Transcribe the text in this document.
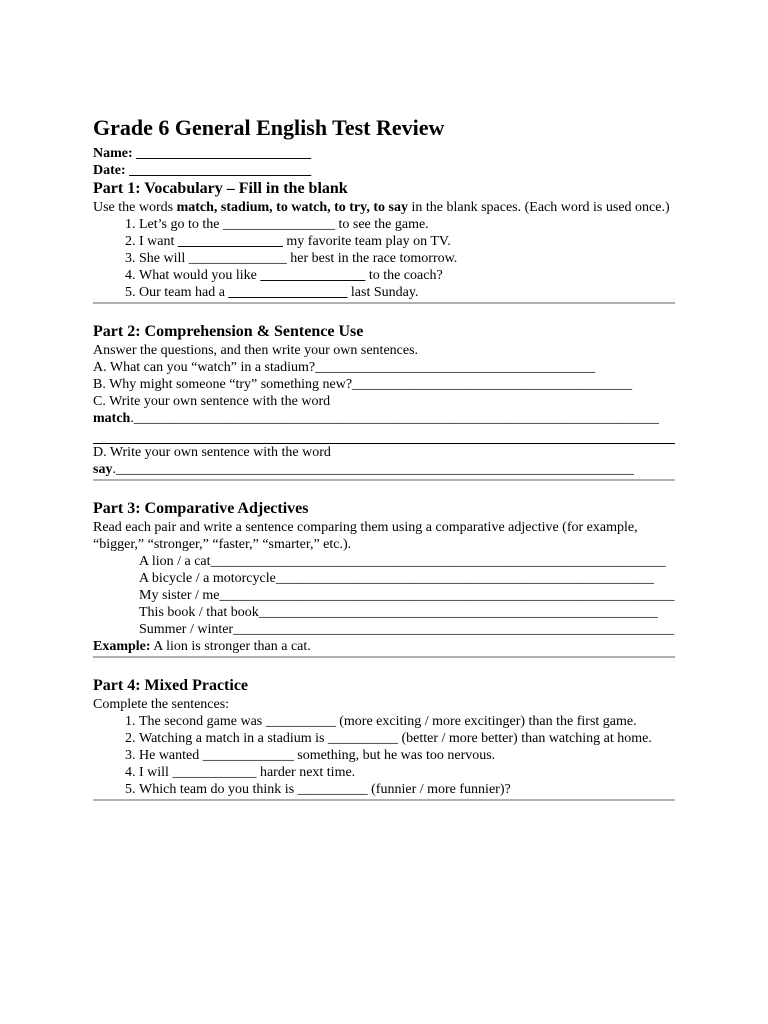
Grade 6 General English Test Review
Name: _________________________
Date: __________________________
Part 1: Vocabulary – Fill in the blank

Use the words match, stadium, to watch, to try, to say in the blank spaces. (Each word is used once.)

1. Let’s go to the ________________ to see the game.
2. I want _______________ my favorite team play on TV.
3. She will ______________ her best in the race tomorrow.
4. What would you like _______________ to the coach?
5. Our team had a _________________ last Sunday.
Part 2: Comprehension & Sentence Use

Answer the questions, and then write your own sentences.

A. What can you “watch” in a stadium?________________________________________
B. Why might someone “try” something new?________________________________________
C. Write your own sentence with the word
match.___________________________________________________________________________
D. Write your own sentence with the word
say.__________________________________________________________________________
Part 3: Comparative Adjectives

Read each pair and write a sentence comparing them using a comparative adjective (for example, “bigger,” “stronger,” “faster,” “smarter,” etc.).

1. A lion / a cat_________________________________________________________________
2. A bicycle / a motorcycle______________________________________________________
3. My sister / me_________________________________________________________________
4. This book / that book_________________________________________________________
5. Summer / winter_______________________________________________________________

Example: A lion is stronger than a cat.

Part 4: Mixed Practice

Complete the sentences:

1. The second game was __________ (more exciting / more excitinger) than the first game.
2. Watching a match in a stadium is __________ (better / more better) than watching at home.
3. He wanted _____________ something, but he was too nervous.
4. I will ____________ harder next time.
5. Which team do you think is __________ (funnier / more funnier)?
